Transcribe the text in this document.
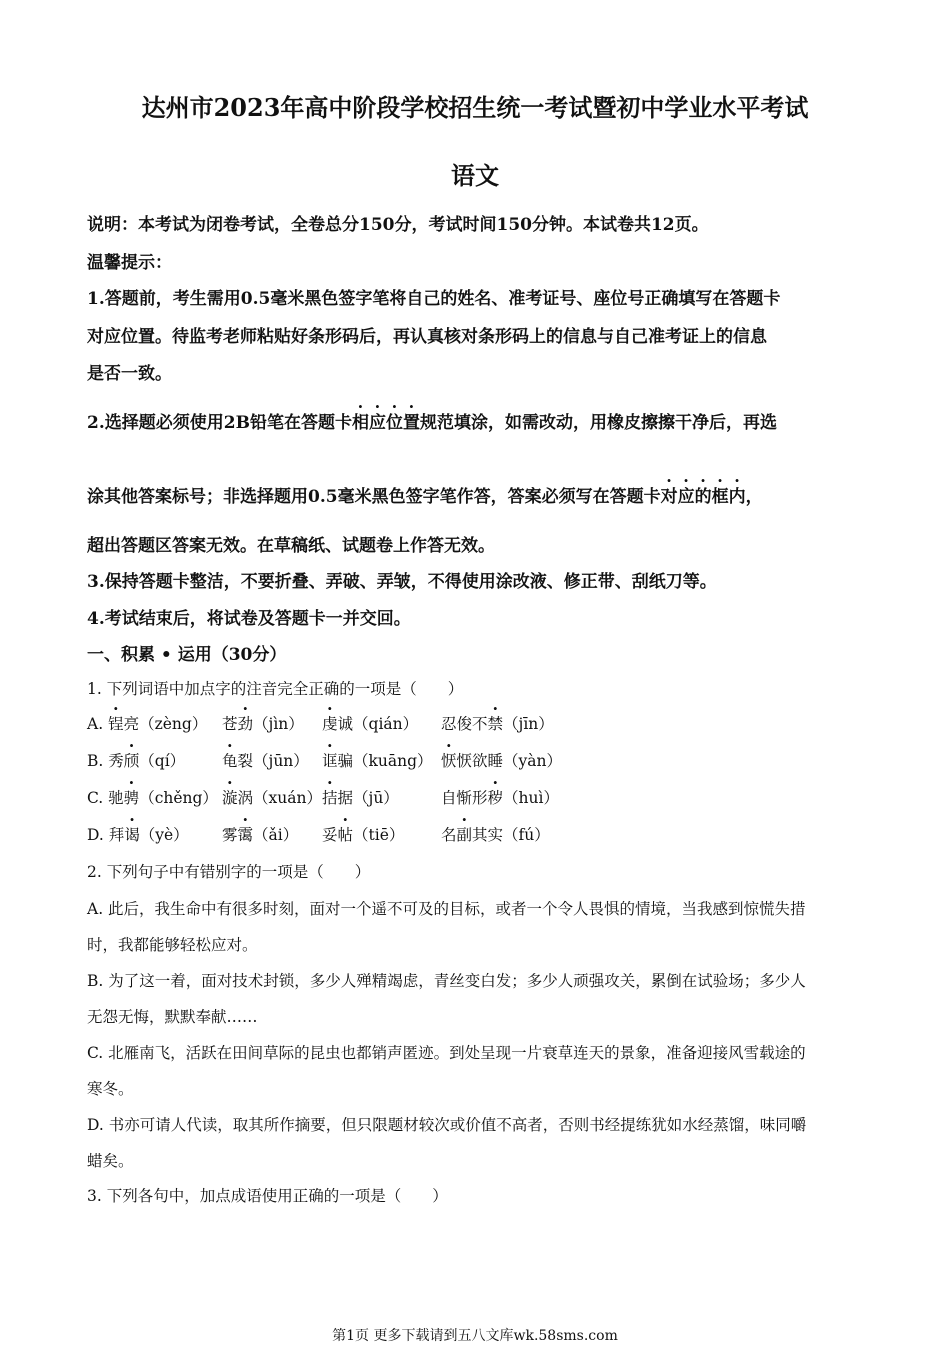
达州市2023年高中阶段学校招生统一考试暨初中学业水平考试
语文
说明：本考试为闭卷考试，全卷总分150分，考试时间150分钟。本试卷共12页。
温馨提示：
1.答题前，考生需用0.5毫米黑色签字笔将自己的姓名、准考证号、座位号正确填写在答题卡
对应位置。待监考老师粘贴好条形码后，再认真核对条形码上的信息与自己准考证上的信息
是否一致。
2.选择题必须使用2B铅笔在答题卡相应位置规范填涂，如需改动，用橡皮擦擦干净后，再选
涂其他答案标号；非选择题用0.5毫米黑色签字笔作答，答案必须写在答题卡对应的框内，
超出答题区答案无效。在草稿纸、试题卷上作答无效。
3.保持答题卡整洁，不要折叠、弄破、弄皱，不得使用涂改液、修正带、刮纸刀等。
4.考试结束后，将试卷及答题卡一并交回。
一、积累 • 运用（30分）
1. 下列词语中加点字的注音完全正确的一项是（　　）
A. 锃亮（zèng） 苍劲（jìn） 虔诚（qián） 忍俊不禁（jīn）
B. 秀颀（qí） 龟裂（jūn） 诓骗（kuāng） 恹恹欲睡（yàn）
C. 驰骋（chěng） 漩涡（xuán） 拮据（jū）	自惭形秽（huì）
D. 拜谒（yè） 雾霭（ǎi） 妥帖（tiē） 名副其实（fú）
2. 下列句子中有错别字的一项是（　　）
A. 此后，我生命中有很多时刻，面对一个遥不可及的目标，或者一个令人畏惧的情境，当我感到惊慌失措
时，我都能够轻松应对。
B. 为了这一着，面对技术封锁，多少人殚精竭虑，青丝变白发；多少人顽强攻关，累倒在试验场；多少人
无怨无悔，默默奉献……
C. 北雁南飞，活跃在田间草际的昆虫也都销声匿迹。到处呈现一片衰草连天的景象，准备迎接风雪载途的
寒冬。
D. 书亦可请人代读，取其所作摘要，但只限题材较次或价值不高者，否则书经提练犹如水经蒸馏，味同嚼
蜡矣。
3. 下列各句中，加点成语使用正确的一项是（　　）
第1页 更多下载请到五八文库wk.58sms.com
